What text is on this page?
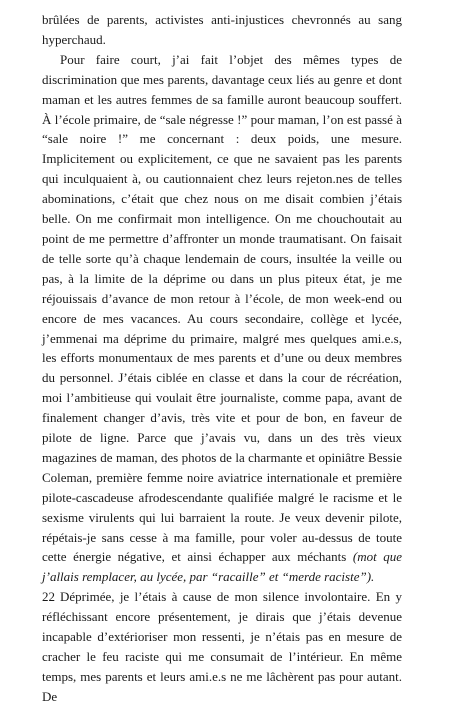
brûlées de parents, activistes anti-injustices chevronnés au sang hyperchaud.

Pour faire court, j’ai fait l’objet des mêmes types de discrimination que mes parents, davantage ceux liés au genre et dont maman et les autres femmes de sa famille auront beaucoup souffert. À l’école primaire, de “sale négresse !” pour maman, l’on est passé à “sale noire !” me concernant : deux poids, une mesure. Implicitement ou explicitement, ce que ne savaient pas les parents qui inculquaient à, ou cautionnaient chez leurs rejeton.nes de telles abominations, c’était que chez nous on me disait combien j’étais belle. On me confirmait mon intelligence. On me chouchoutait au point de me permettre d’affronter un monde traumatisant. On faisait de telle sorte qu’à chaque lendemain de cours, insultée la veille ou pas, à la limite de la déprime ou dans un plus piteux état, je me réjouissais d’avance de mon retour à l’école, de mon week-end ou encore de mes vacances. Au cours secondaire, collège et lycée, j’emmenai ma déprime du primaire, malgré mes quelques ami.e.s, les efforts monumentaux de mes parents et d’une ou deux membres du personnel. J’étais ciblée en classe et dans la cour de récréation, moi l’ambitieuse qui voulait être journaliste, comme papa, avant de finalement changer d’avis, très vite et pour de bon, en faveur de pilote de ligne. Parce que j’avais vu, dans un des très vieux magazines de maman, des photos de la charmante et opiniâtre Bessie Coleman, première femme noire aviatrice internationale et première pilote-cascadeuse afrodescendante qualifiée malgré le racisme et le sexisme virulents qui lui barraient la route. Je veux devenir pilote, répétais-je sans cesse à ma famille, pour voler au-dessus de toute cette énergie négative, et ainsi échapper aux méchants (mot que j’allais remplacer, au lycée, par “racaille” et “merde raciste”).

Déprimée, je l’étais à cause de mon silence involontaire. En y réfléchissant encore présentement, je dirais que j’étais devenue incapable d’extérioriser mon ressenti, je n’étais pas en mesure de cracher le feu raciste qui me consumait de l’intérieur. En même temps, mes parents et leurs ami.e.s ne me lâchèrent pas pour autant. De

22
